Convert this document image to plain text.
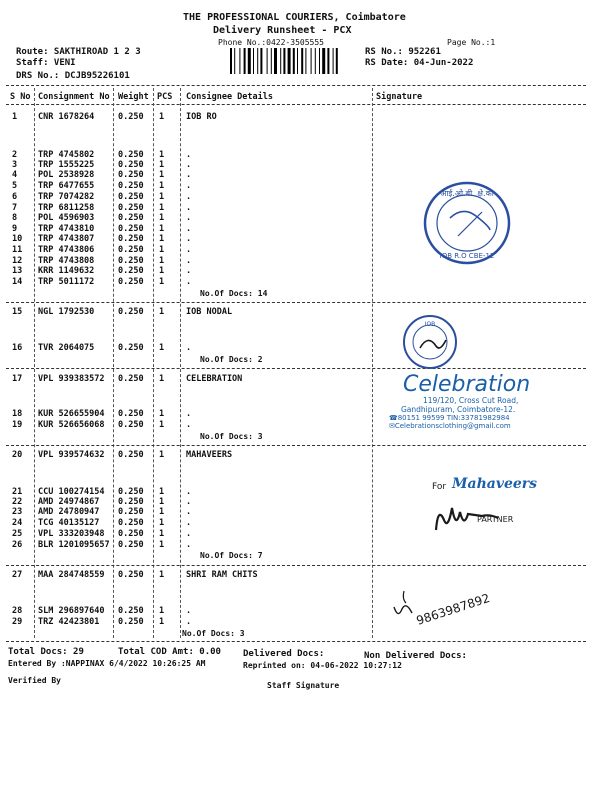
THE PROFESSIONAL COURIERS, Coimbatore
Delivery Runsheet - PCX
Phone No.:0422-3505555	Page No.:1
Route: SAKTHIROAD 1 2 3
Staff: VENI
DRS No.: DCJB95226101
RS No.: 952261
RS Date: 04-Jun-2022
S No Consignment No Weight PCS Consignee Details	Signature
1 CNR 1678264	0.250 1	IOB RO
2 TRP 4745802	0.250 1	.
3 TRP 1555225	0.250 1	.
4 POL 2538928	0.250 1	.
5 TRP 6477655	0.250 1	.
6 TRP 7074282	0.250 1	.
7 TRP 6811258	0.250 1	.
8 POL 4596903	0.250 1	.
9 TRP 4743810	0.250 1	.
10 TRP 4743807	0.250 1	.
11 TRP 4743806	0.250 1	.
12 TRP 4743808	0.250 1	.
13 KRR 1149632	0.250 1	.
14 TRP 5011172	0.250 1	.
No.Of Docs: 14
15 NGL 1792530	0.250 1	IOB NODAL
16 TVR 2064075	0.250 1	.
No.Of Docs: 2
17 VPL 939383572 0.250 1	CELEBRATION
18 KUR 526655904 0.250 1	.
19 KUR 526656068 0.250 1	.
No.Of Docs: 3
20 VPL 939574632 0.250 1	MAHAVEERS
21 CCU 100274154 0.250 1	.
22 AMD 24974867 0.250 1	.
23 AMD 24780947 0.250 1	.
24 TCG 40135127 0.250 1	.
25 VPL 333203948 0.250 1	.
26 BLR 1201095657 0.250 1	.
No.Of Docs: 7
27 MAA 284748559 0.250 1	SHRI RAM CHITS
28 SLM 296897640 0.250 1	.
29 TRZ 42423801 0.250 1	.
No.Of Docs: 3
Total Docs: 29	Total COD Amt: 0.00 Delivered Docs:	Non Delivered Docs:
Entered By :NAPPINAX 6/4/2022 10:26:25 AM	Reprinted on: 04-06-2022 10:27:12
Verified By
Staff Signature
आई.ओ.बी. क्षे.का
IOB R.O CBE-12
IOB
Celebration
119/120, Cross Cut Road,
Gandhipuram, Coimbatore-12.
☎80151 99599 TIN:33781982984
✉Celebrationsclothing@gmail.com
For Mahaveers
PARTNER
9863987892
